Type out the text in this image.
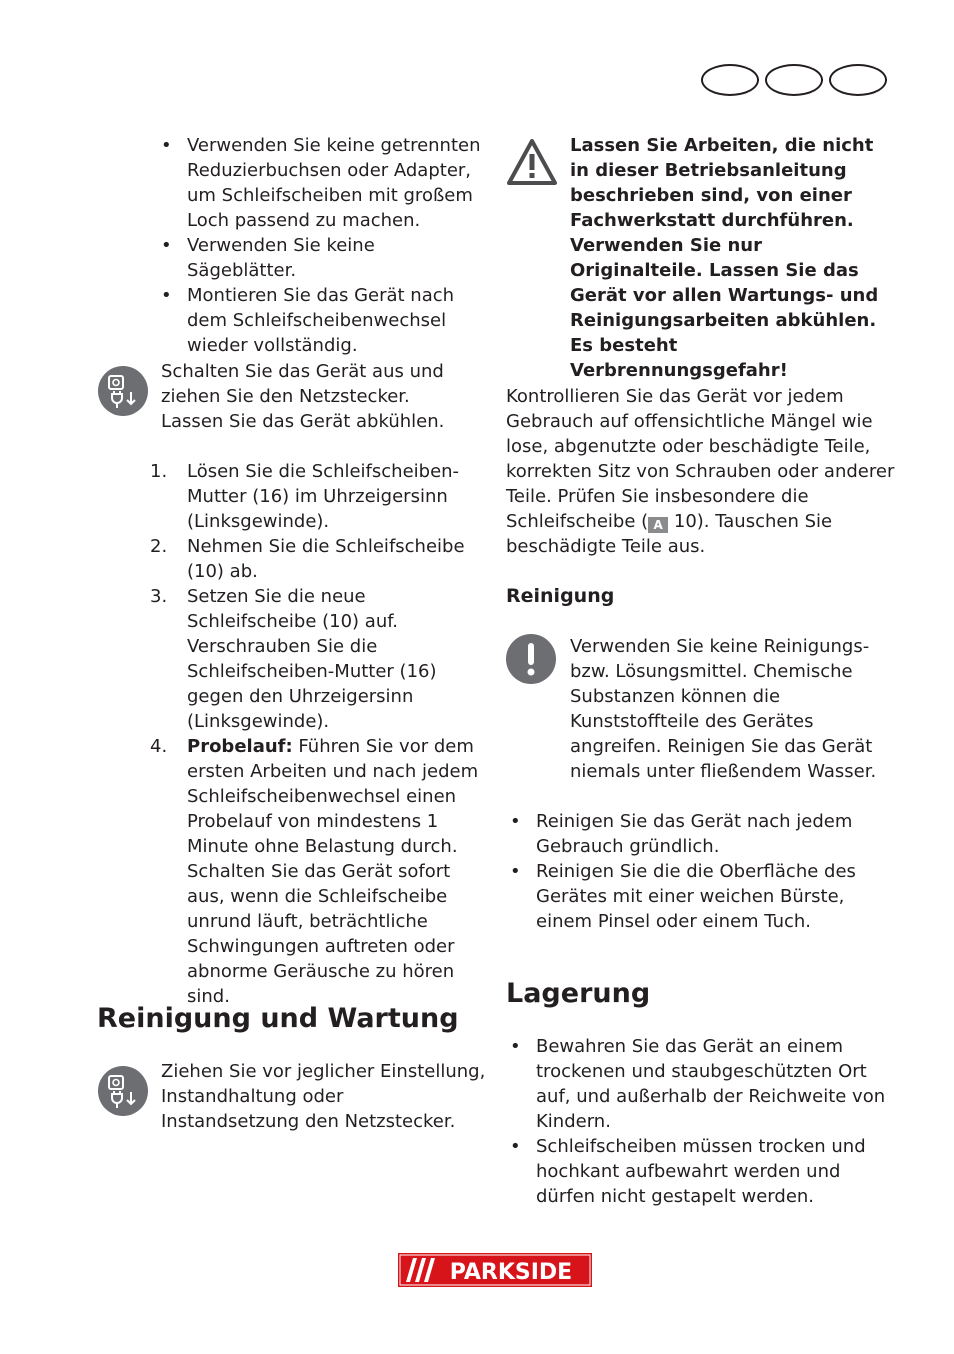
• Verwenden Sie keine getrennten Reduzierbuchsen oder Adapter, um Schleifscheiben mit großem Loch passend zu machen.
• Verwenden Sie keine Sägeblätter.
• Montieren Sie das Gerät nach dem Schleifscheibenwechsel wieder vollständig.

Schalten Sie das Gerät aus und ziehen Sie den Netzstecker.

Lassen Sie das Gerät abkühlen.

1. Lösen Sie die Schleifscheiben-Mutter (16) im Uhrzeigersinn (Linksgewinde).
2. Nehmen Sie die Schleifscheibe (10) ab.
3. Setzen Sie die neue Schleifscheibe (10) auf. Verschrauben Sie die Schleifscheiben-Mutter (16) gegen den Uhrzeigersinn (Linksgewinde).
4. Probelauf: Führen Sie vor dem ersten Arbeiten und nach jedem Schleifscheibenwechsel einen Probelauf von mindestens 1 Minute ohne Belastung durch. Schalten Sie das Gerät sofort aus, wenn die Schleifscheibe unrund läuft, beträchtliche Schwingungen auftreten oder abnorme Geräusche zu hören sind.
Reinigung und Wartung

Ziehen Sie vor jeglicher Einstellung, Instandhaltung oder Instandsetzung den Netzstecker.

Lassen Sie Arbeiten, die nicht in dieser Betriebsanleitung beschrieben sind, von einer Fachwerkstatt durchführen. Verwenden Sie nur Originalteile. Lassen Sie das Gerät vor allen Wartungs- und Reinigungsarbeiten abkühlen. Es besteht Verbrennungsgefahr!

Kontrollieren Sie das Gerät vor jedem Gebrauch auf offensichtliche Mängel wie lose, abgenutzte oder beschädigte Teile, korrekten Sitz von Schrauben oder anderer Teile. Prüfen Sie insbesondere die Schleifscheibe ( A 10). Tauschen Sie beschädigte Teile aus.

Reinigung

Verwenden Sie keine Reinigungs- bzw. Lösungsmittel. Chemische Substanzen können die Kunststoffteile des Gerätes angreifen. Reinigen Sie das Gerät niemals unter fließendem Wasser.

• Reinigen Sie das Gerät nach jedem Gebrauch gründlich.
• Reinigen Sie die die Oberfläche des Gerätes mit einer weichen Bürste, einem Pinsel oder einem Tuch.
Lagerung
• Bewahren Sie das Gerät an einem trockenen und staubgeschützten Ort auf, und außerhalb der Reichweite von Kindern.
• Schleifscheiben müssen trocken und hochkant aufbewahrt werden und dürfen nicht gestapelt werden.
PARKSIDE
